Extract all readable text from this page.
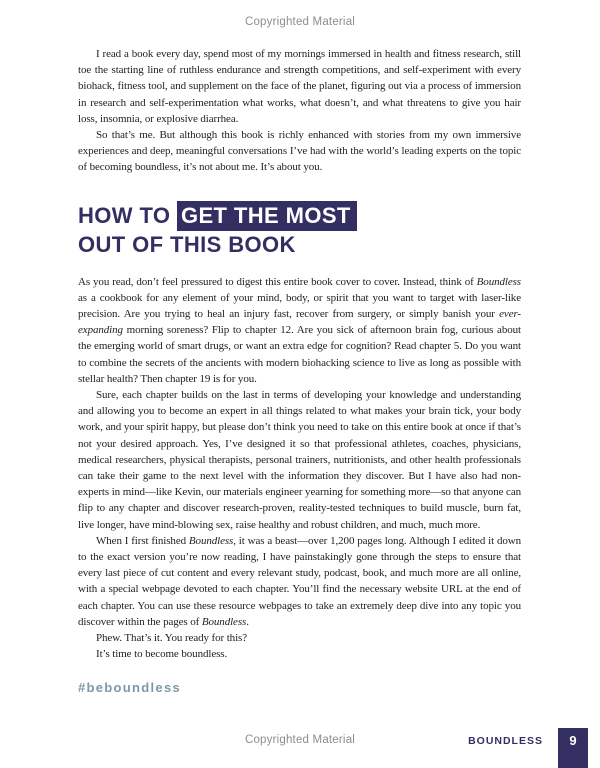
Copyrighted Material

I read a book every day, spend most of my mornings immersed in health and fitness research, still toe the starting line of ruthless endurance and strength competitions, and self-experiment with every biohack, fitness tool, and supplement on the face of the planet, figuring out via a process of immersion in research and self-experimentation what works, what doesn’t, and what threatens to give you hair loss, insomnia, or explosive diarrhea.

So that’s me. But although this book is richly enhanced with stories from my own immersive experiences and deep, meaningful conversations I’ve had with the world’s leading experts on the topic of becoming boundless, it’s not about me. It’s about you.

HOW TO GET THE MOST
OUT OF THIS BOOK

As you read, don’t feel pressured to digest this entire book cover to cover. Instead, think of Boundless as a cookbook for any element of your mind, body, or spirit that you want to target with laser-like precision. Are you trying to heal an injury fast, recover from surgery, or simply banish your ever-expanding morning soreness? Flip to chapter 12. Are you sick of afternoon brain fog, curious about the emerging world of smart drugs, or want an extra edge for cognition? Read chapter 5. Do you want to combine the secrets of the ancients with modern biohacking science to live as long as possible with stellar health? Then chapter 19 is for you.

Sure, each chapter builds on the last in terms of developing your knowledge and understanding and allowing you to become an expert in all things related to what makes your brain tick, your body work, and your spirit happy, but please don’t think you need to take on this entire book at once if that’s not your desired approach. Yes, I’ve designed it so that professional athletes, coaches, physicians, medical researchers, physical therapists, personal trainers, nutritionists, and other health professionals can take their game to the next level with the information they discover. But I have also had non-experts in mind—like Kevin, our materials engineer yearning for something more—so that anyone can flip to any chapter and discover research-proven, reality-tested techniques to build muscle, burn fat, live longer, have mind-blowing sex, raise healthy and robust children, and much, much more.

When I first finished Boundless, it was a beast—over 1,200 pages long. Although I edited it down to the exact version you’re now reading, I have painstakingly gone through the steps to ensure that every last piece of cut content and every relevant study, podcast, book, and much more are all online, with a special webpage devoted to each chapter. You’ll find the necessary website URL at the end of each chapter. You can use these resource webpages to take an extremely deep dive into any topic you discover within the pages of Boundless.

Phew. That’s it. You ready for this?

It’s time to become boundless.

#beboundless
Copyrighted Material	BOUNDLESS	9
